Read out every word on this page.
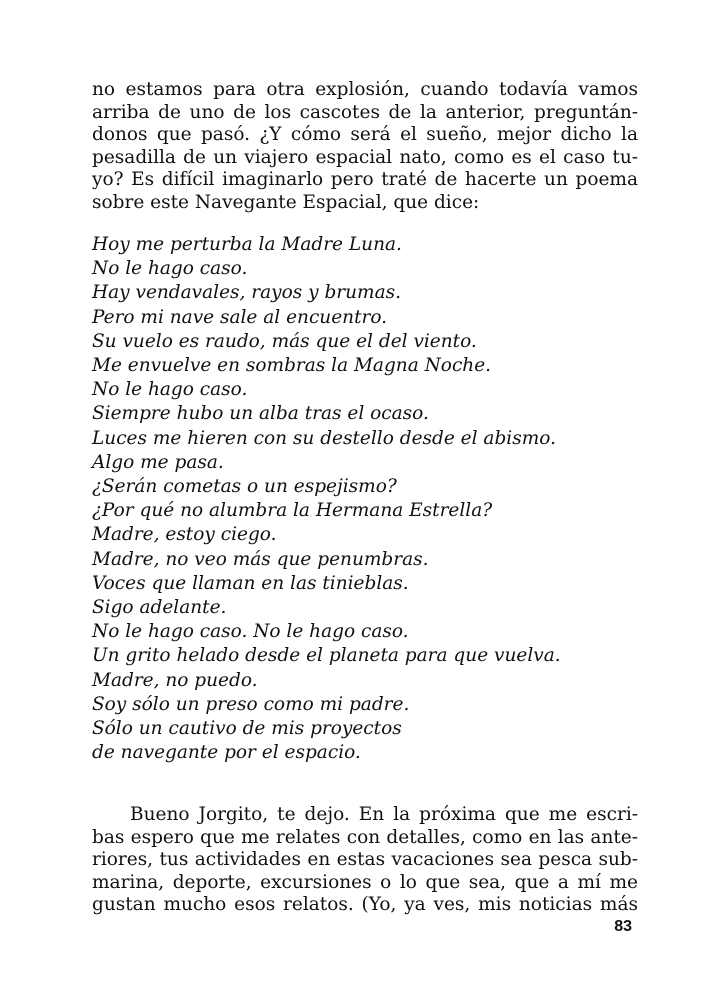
no estamos para otra explosión, cuando todavía vamos
arriba de uno de los cascotes de la anterior, preguntán-
donos que pasó. ¿Y cómo será el sueño, mejor dicho la
pesadilla de un viajero espacial nato, como es el caso tu-
yo? Es difícil imaginarlo pero traté de hacerte un poema
sobre este Navegante Espacial, que dice:
Hoy me perturba la Madre Luna.
No le hago caso.
Hay vendavales, rayos y brumas.
Pero mi nave sale al encuentro.
Su vuelo es raudo, más que el del viento.
Me envuelve en sombras la Magna Noche.
No le hago caso.
Siempre hubo un alba tras el ocaso.
Luces me hieren con su destello desde el abismo.
Algo me pasa.
¿Serán cometas o un espejismo?
¿Por qué no alumbra la Hermana Estrella?
Madre, estoy ciego.
Madre, no veo más que penumbras.
Voces que llaman en las tinieblas.
Sigo adelante.
No le hago caso. No le hago caso.
Un grito helado desde el planeta para que vuelva.
Madre, no puedo.
Soy sólo un preso como mi padre.
Sólo un cautivo de mis proyectos
de navegante por el espacio.
Bueno Jorgito, te dejo. En la próxima que me escri-
bas espero que me relates con detalles, como en las ante-
riores, tus actividades en estas vacaciones sea pesca sub-
marina, deporte, excursiones o lo que sea, que a mí me
gustan mucho esos relatos. (Yo, ya ves, mis noticias más
83
